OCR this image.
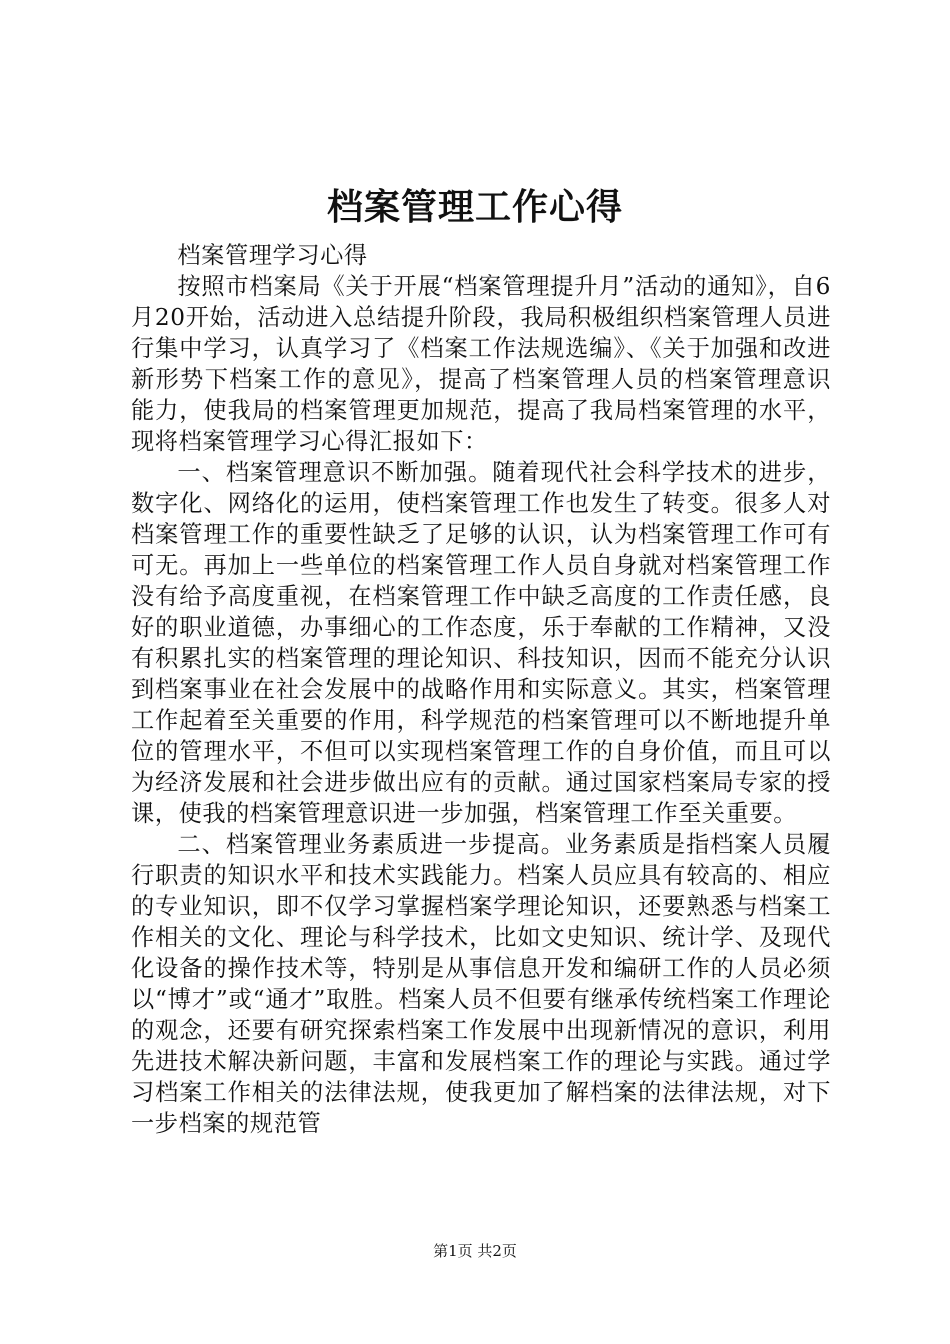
档案管理工作心得

档案管理学习心得

按照市档案局《关于开展“档案管理提升月”活动的通知》，自6月20开始，活动进入总结提升阶段，我局积极组织档案管理人员进行集中学习，认真学习了《档案工作法规选编》、《关于加强和改进新形势下档案工作的意见》，提高了档案管理人员的档案管理意识能力，使我局的档案管理更加规范，提高了我局档案管理的水平，现将档案管理学习心得汇报如下：

一、档案管理意识不断加强。随着现代社会科学技术的进步，数字化、网络化的运用，使档案管理工作也发生了转变。很多人对档案管理工作的重要性缺乏了足够的认识，认为档案管理工作可有可无。再加上一些单位的档案管理工作人员自身就对档案管理工作没有给予高度重视，在档案管理工作中缺乏高度的工作责任感，良好的职业道德，办事细心的工作态度，乐于奉献的工作精神，又没有积累扎实的档案管理的理论知识、科技知识，因而不能充分认识到档案事业在社会发展中的战略作用和实际意义。其实，档案管理工作起着至关重要的作用，科学规范的档案管理可以不断地提升单位的管理水平，不但可以实现档案管理工作的自身价值，而且可以为经济发展和社会进步做出应有的贡献。通过国家档案局专家的授课，使我的档案管理意识进一步加强，档案管理工作至关重要。

二、档案管理业务素质进一步提高。业务素质是指档案人员履行职责的知识水平和技术实践能力。档案人员应具有较高的、相应的专业知识，即不仅学习掌握档案学理论知识，还要熟悉与档案工作相关的文化、理论与科学技术，比如文史知识、统计学、及现代化设备的操作技术等，特别是从事信息开发和编研工作的人员必须以“博才”或“通才”取胜。档案人员不但要有继承传统档案工作理论的观念，还要有研究探索档案工作发展中出现新情况的意识，利用先进技术解决新问题，丰富和发展档案工作的理论与实践。通过学习档案工作相关的法律法规，使我更加了解档案的法律法规，对下一步档案的规范管

第1页 共2页
